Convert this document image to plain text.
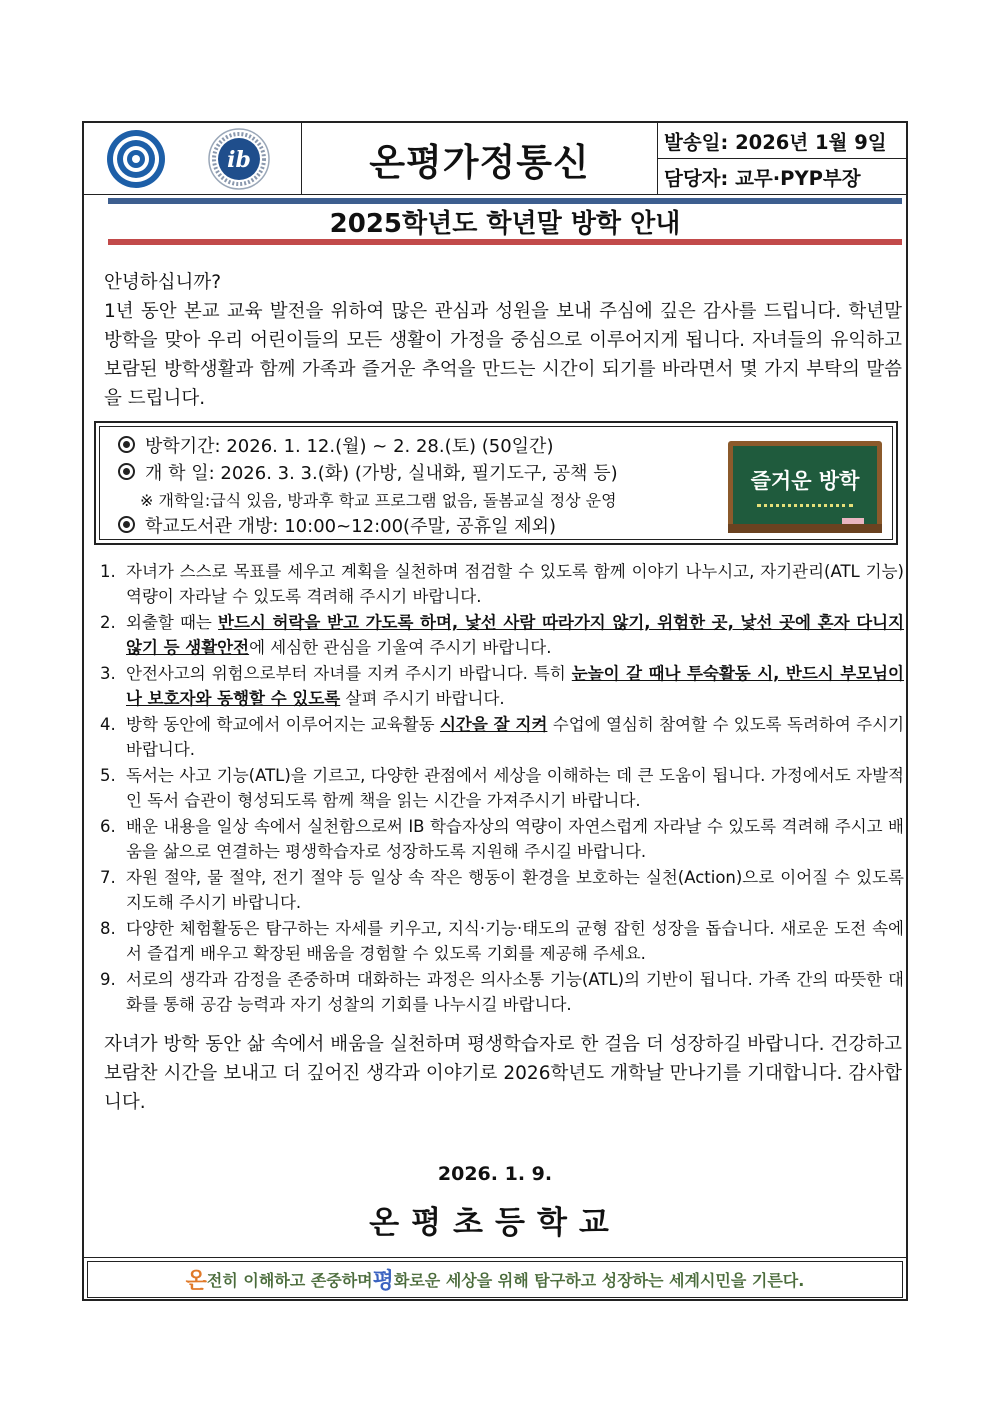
ib	온평가정통신	발송일: 2026년 1월 9일
담당자: 교무·PYP부장
2025학년도 학년말 방학 안내

안녕하십니까?

1년 동안 본교 교육 발전을 위하여 많은 관심과 성원을 보내 주심에 깊은 감사를 드립니다. 학년말 방학을 맞아 우리 어린이들의 모든 생활이 가정을 중심으로 이루어지게 됩니다. 자녀들의 유익하고 보람된 방학생활과 함께 가족과 즐거운 추억을 만드는 시간이 되기를 바라면서 몇 가지 부탁의 말씀을 드립니다.

방학기간: 2026. 1. 12.(월) ~ 2. 28.(토) (50일간)
개 학 일: 2026. 3. 3.(화) (가방, 실내화, 필기도구, 공책 등)
※ 개학일:급식 있음, 방과후 학교 프로그램 없음, 돌봄교실 정상 운영
학교도서관 개방: 10:00~12:00(주말, 공휴일 제외)
즐거운 방학
1. 자녀가 스스로 목표를 세우고 계획을 실천하며 점검할 수 있도록 함께 이야기 나누시고, 자기관리(ATL 기능) 역량이 자라날 수 있도록 격려해 주시기 바랍니다.
2. 외출할 때는 반드시 허락을 받고 가도록 하며, 낯선 사람 따라가지 않기, 위험한 곳, 낯선 곳에 혼자 다니지 않기 등 생활안전에 세심한 관심을 기울여 주시기 바랍니다.
3. 안전사고의 위험으로부터 자녀를 지켜 주시기 바랍니다. 특히 눈놀이 갈 때나 투숙활동 시, 반드시 부모님이나 보호자와 동행할 수 있도록 살펴 주시기 바랍니다.
4. 방학 동안에 학교에서 이루어지는 교육활동 시간을 잘 지켜 수업에 열심히 참여할 수 있도록 독려하여 주시기 바랍니다.
5. 독서는 사고 기능(ATL)을 기르고, 다양한 관점에서 세상을 이해하는 데 큰 도움이 됩니다. 가정에서도 자발적인 독서 습관이 형성되도록 함께 책을 읽는 시간을 가져주시기 바랍니다.
6. 배운 내용을 일상 속에서 실천함으로써 IB 학습자상의 역량이 자연스럽게 자라날 수 있도록 격려해 주시고 배움을 삶으로 연결하는 평생학습자로 성장하도록 지원해 주시길 바랍니다.
7. 자원 절약, 물 절약, 전기 절약 등 일상 속 작은 행동이 환경을 보호하는 실천(Action)으로 이어질 수 있도록 지도해 주시기 바랍니다.
8. 다양한 체험활동은 탐구하는 자세를 키우고, 지식·기능·태도의 균형 잡힌 성장을 돕습니다. 새로운 도전 속에서 즐겁게 배우고 확장된 배움을 경험할 수 있도록 기회를 제공해 주세요.
9. 서로의 생각과 감정을 존중하며 대화하는 과정은 의사소통 기능(ATL)의 기반이 됩니다. 가족 간의 따뜻한 대화를 통해 공감 능력과 자기 성찰의 기회를 나누시길 바랍니다.

자녀가 방학 동안 삶 속에서 배움을 실천하며 평생학습자로 한 걸음 더 성장하길 바랍니다. 건강하고 보람찬 시간을 보내고 더 깊어진 생각과 이야기로 2026학년도 개학날 만나기를 기대합니다. 감사합니다.

2026. 1. 9.
온평초등학교
온 전히 이해하고 존중하며 평 화로운 세상을 위해 탐구하고 성장하는 세계시민을 기른다.
